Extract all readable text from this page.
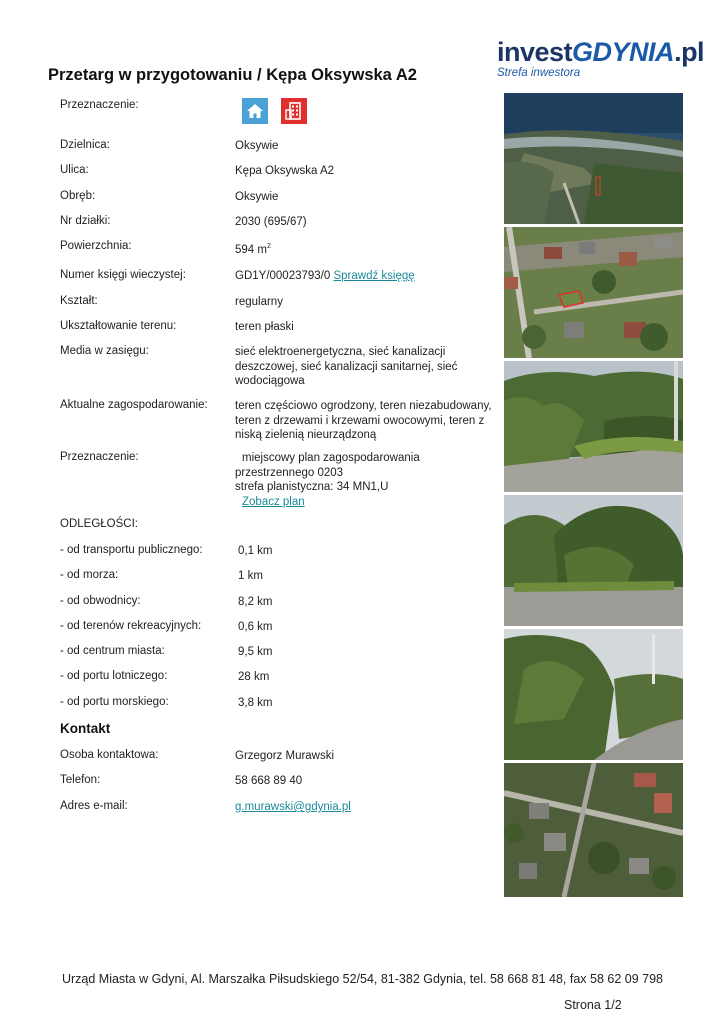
Przetarg w przygotowaniu / Kępa Oksywska A2
investGDYNIA.pl
Strefa inwestora
Przeznaczenie:
Dzielnica:	Oksywie
Ulica:	Kępa Oksywska A2
Obręb:	Oksywie
Nr działki:	2030 (695/67)
Powierzchnia:	594 $m^2$
Numer księgi wieczystej:	GD1Y/00023793/0 Sprawdź księgę
Kształt:	regularny
Ukształtowanie terenu:	teren płaski
Media w zasięgu:	sieć elektroenergetyczna, sieć kanalizacji deszczowej, sieć kanalizacji sanitarnej, sieć wodociągowa
Aktualne zagospodarowanie: teren częściowo ogrodzony, teren niezabudowany, teren z drzewami i krzewami owocowymi, teren z niską zielenią nieurządzoną
Przeznaczenie:	miejscowy plan zagospodarowania
przestrzennego 0203
strefa planistyczna: 34 MN1,U
Zobacz plan
ODLEGŁOŚCI:
- od transportu publicznego:	0,1 km
- od morza:	1 km
- od obwodnicy:	8,2 km
- od terenów rekreacyjnych:	0,6 km
- od centrum miasta:	9,5 km
- od portu lotniczego:	28 km
- od portu morskiego:	3,8 km
Kontakt
Osoba kontaktowa:	Grzegorz Murawski
Telefon:	58 668 89 40
Adres e-mail:	g.murawski@gdynia.pl
Urząd Miasta w Gdyni, Al. Marszałka Piłsudskiego 52/54, 81-382 Gdynia, tel. 58 668 81 48, fax 58 62 09 798
Strona 1/2
